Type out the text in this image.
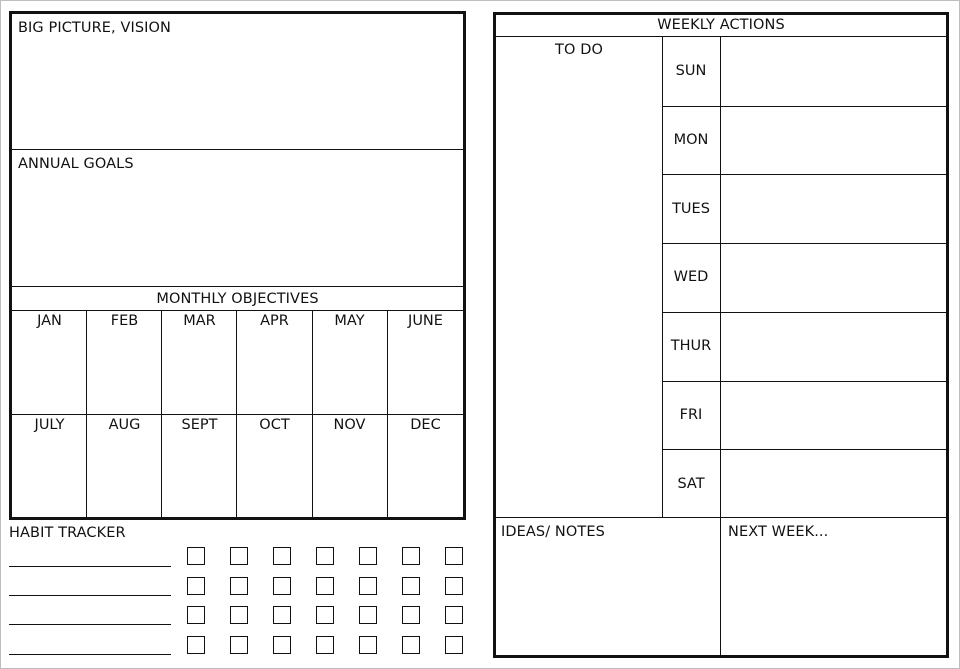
BIG PICTURE, VISION
ANNUAL GOALS
MONTHLY OBJECTIVES
JAN	FEB	MAR	APR	MAY	JUNE
JULY	AUG	SEPT	OCT	NOV	DEC
HABIT TRACKER
WEEKLY ACTIONS
TO DO
SUN
MON
TUES
WED
THUR
FRI
SAT
IDEAS/ NOTES	NEXT WEEK...
